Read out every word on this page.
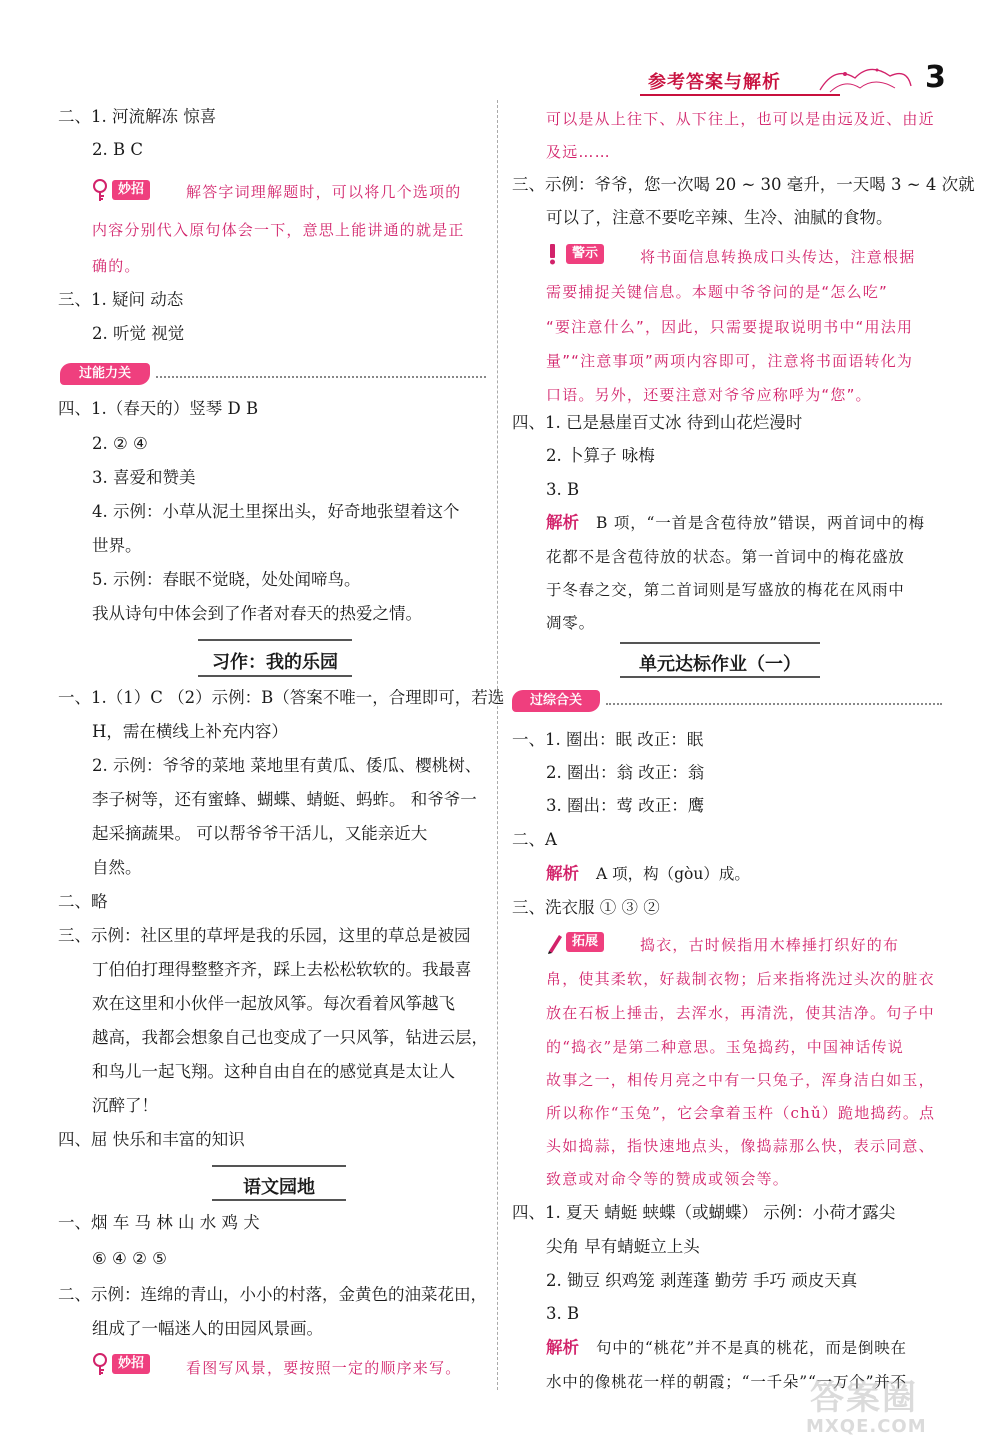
参考答案与解析	3
二、1. 河流解冻 惊喜
2. B C
妙招	解答字词理解题时，可以将几个选项的
内容分别代入原句体会一下，意思上能讲通的就是正
确的。
三、1. 疑问 动态
2. 听觉 视觉
过能力关
四、1.（春天的）竖琴 D B
2. ② ④
3. 喜爱和赞美
4. 示例：小草从泥土里探出头，好奇地张望着这个
世界。
5. 示例：春眠不觉晓，处处闻啼鸟。
我从诗句中体会到了作者对春天的热爱之情。
习作：我的乐园
一、1.（1）C （2）示例：B（答案不唯一，合理即可，若选
H，需在横线上补充内容）
2. 示例：爷爷的菜地 菜地里有黄瓜、倭瓜、樱桃树、
李子树等，还有蜜蜂、蝴蝶、蜻蜓、蚂蚱。 和爷爷一
起采摘蔬果。 可以帮爷爷干活儿，又能亲近大
自然。
二、略
三、示例：社区里的草坪是我的乐园，这里的草总是被园
丁伯伯打理得整整齐齐，踩上去松松软软的。我最喜
欢在这里和小伙伴一起放风筝。每次看着风筝越飞
越高，我都会想象自己也变成了一只风筝，钻进云层，
和鸟儿一起飞翔。这种自由自在的感觉真是太让人
沉醉了！
四、屈 快乐和丰富的知识
语文园地
一、烟 车 马 林 山 水 鸡 犬
⑥ ④ ② ⑤
二、示例：连绵的青山，小小的村落，金黄色的油菜花田，
组成了一幅迷人的田园风景画。
妙招	看图写风景，要按照一定的顺序来写。
可以是从上往下、从下往上，也可以是由远及近、由近
及远……
三、示例：爷爷，您一次喝 20 ~ 30 毫升，一天喝 3 ~ 4 次就
可以了，注意不要吃辛辣、生冷、油腻的食物。
警示	将书面信息转换成口头传达，注意根据
需要捕捉关键信息。本题中爷爷问的是“怎么吃”
“要注意什么”，因此，只需要提取说明书中“用法用
量”“注意事项”两项内容即可，注意将书面语转化为
口语。另外，还要注意对爷爷应称呼为“您”。
四、1. 已是悬崖百丈冰 待到山花烂漫时
2. 卜算子 咏梅
3. B
解析 B 项，“一首是含苞待放”错误，两首词中的梅
花都不是含苞待放的状态。第一首词中的梅花盛放
于冬春之交，第二首词则是写盛放的梅花在风雨中
凋零。
单元达标作业（一）
过综合关
一、1. 圈出：眠 改正：眠
2. 圈出：翁 改正：翁
3. 圈出：莺 改正：鹰
二、A
解析 A 项，构（gòu）成。
三、洗衣服 ① ③ ②
拓展	捣衣，古时候指用木棒捶打织好的布
帛，使其柔软，好裁制衣物；后来指将洗过头次的脏衣
放在石板上捶击，去浑水，再清洗，使其洁净。句子中
的“捣衣”是第二种意思。玉兔捣药，中国神话传说
故事之一，相传月亮之中有一只兔子，浑身洁白如玉，
所以称作“玉兔”，它会拿着玉杵（chǔ）跪地捣药。点
头如捣蒜，指快速地点头，像捣蒜那么快，表示同意、
致意或对命令等的赞成或领会等。
四、1. 夏天 蜻蜓 蛱蝶（或蝴蝶） 示例：小荷才露尖
尖角 早有蜻蜓立上头
2. 锄豆 织鸡笼 剥莲蓬 勤劳 手巧 顽皮天真
3. B
解析 句中的“桃花”并不是真的桃花，而是倒映在
水中的像桃花一样的朝霞；“一千朵”“一万个”并不
答案圈
MXQE.COM
